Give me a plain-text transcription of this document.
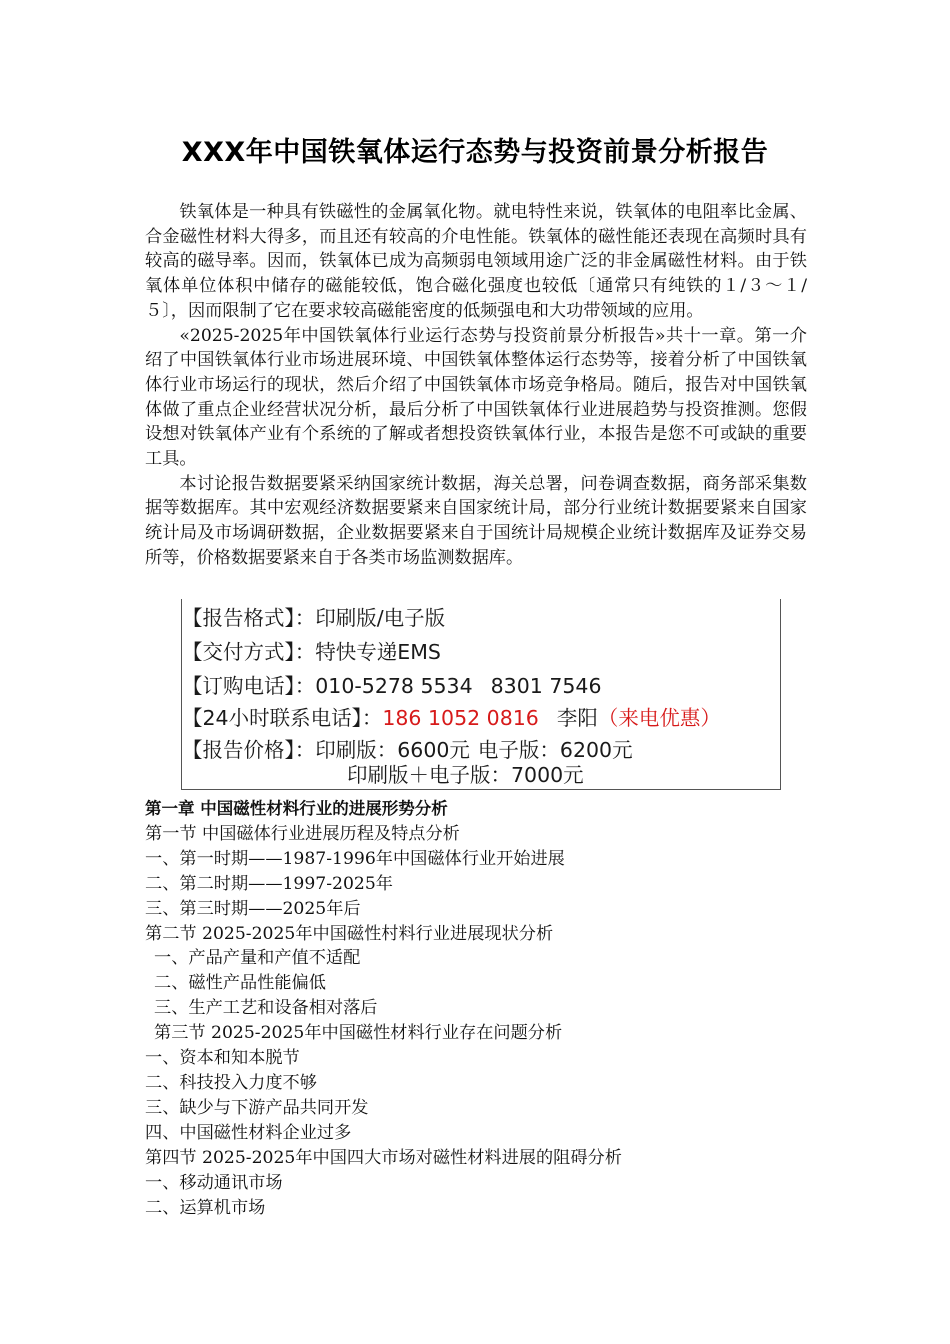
XXX年中国铁氧体运行态势与投资前景分析报告

铁氧体是一种具有铁磁性的金属氧化物。就电特性来说，铁氧体的电阻率比金属、合金磁性材料大得多，而且还有较高的介电性能。铁氧体的磁性能还表现在高频时具有较高的磁导率。因而，铁氧体已成为高频弱电领域用途广泛的非金属磁性材料。由于铁氧体单位体积中储存的磁能较低，饱合磁化强度也较低〔通常只有纯铁的１/３～１/５〕，因而限制了它在要求较高磁能密度的低频强电和大功带领域的应用。

«2025-2025年中国铁氧体行业运行态势与投资前景分析报告»共十一章。第一介绍了中国铁氧体行业市场进展环境、中国铁氧体整体运行态势等，接着分析了中国铁氧体行业市场运行的现状，然后介绍了中国铁氧体市场竞争格局。随后，报告对中国铁氧体做了重点企业经营状况分析，最后分析了中国铁氧体行业进展趋势与投资推测。您假设想对铁氧体产业有个系统的了解或者想投资铁氧体行业，本报告是您不可或缺的重要工具。

本讨论报告数据要紧采纳国家统计数据，海关总署，问卷调查数据，商务部采集数据等数据库。其中宏观经济数据要紧来自国家统计局，部分行业统计数据要紧来自国家统计局及市场调研数据，企业数据要紧来自于国统计局规模企业统计数据库及证券交易所等，价格数据要紧来自于各类市场监测数据库。

【报告格式】：印刷版/电子版
【交付方式】：特快专递EMS
【订购电话】：010-5278 5534 8301 7546
【24小时联系电话】：186 1052 0816 李阳（来电优惠）
【报告价格】：印刷版：6600元 电子版：6200元
印刷版＋电子版：7000元
第一章 中国磁性材料行业的进展形势分析
第一节 中国磁体行业进展历程及特点分析
一、第一时期——1987-1996年中国磁体行业开始进展
二、第二时期——1997-2025年
三、第三时期——2025年后
第二节 2025-2025年中国磁性村料行业进展现状分析
一、产品产量和产值不适配
二、磁性产品性能偏低
三、生产工艺和设备相对落后
第三节 2025-2025年中国磁性材料行业存在问题分析
一、资本和知本脱节
二、科技投入力度不够
三、缺少与下游产品共同开发
四、中国磁性材料企业过多
第四节 2025-2025年中国四大市场对磁性材料进展的阻碍分析
一、移动通讯市场
二、运算机市场
